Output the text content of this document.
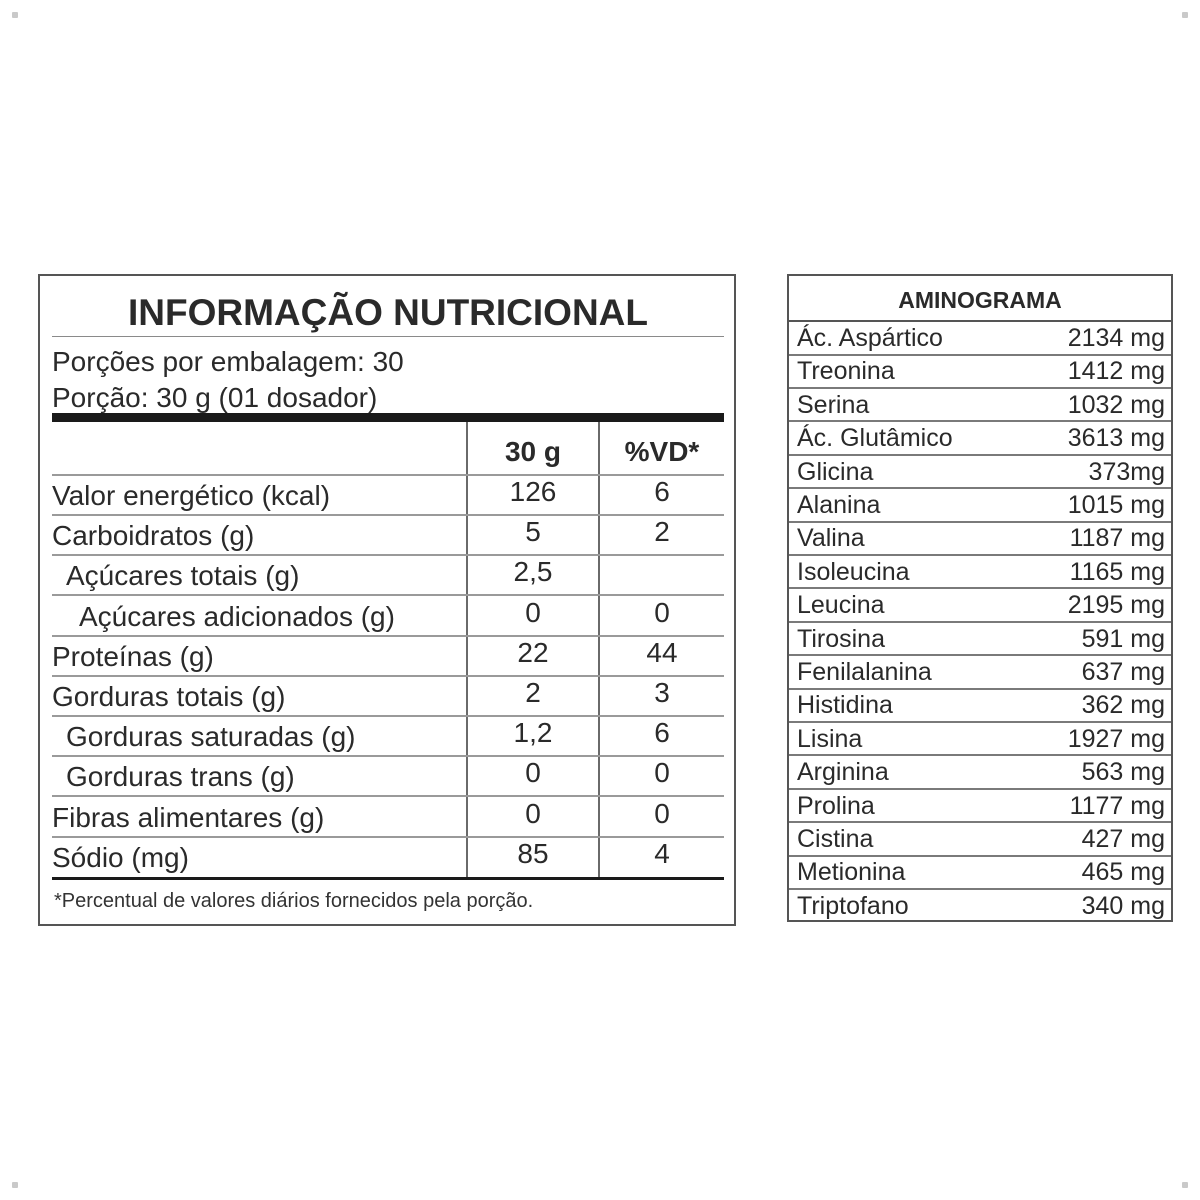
INFORMAÇÃO NUTRICIONAL
Porções por embalagem: 30
Porção: 30 g (01 dosador)
30 g	%VD*
Valor energético (kcal)	126	6
Carboidratos (g)	5	2
Açúcares totais (g)	2,5
Açúcares adicionados (g)	0	0
Proteínas (g)	22	44
Gorduras totais (g)	2	3
Gorduras saturadas (g)	1,2	6
Gorduras trans (g)	0	0
Fibras alimentares (g)	0	0
Sódio (mg)	85	4
*Percentual de valores diários fornecidos pela porção.
AMINOGRAMA
Ác. Aspártico	2134 mg
Treonina	1412 mg
Serina	1032 mg
Ác. Glutâmico	3613 mg
Glicina	373mg
Alanina	1015 mg
Valina	1187 mg
Isoleucina	1165 mg
Leucina	2195 mg
Tirosina	591 mg
Fenilalanina	637 mg
Histidina	362 mg
Lisina	1927 mg
Arginina	563 mg
Prolina	1177 mg
Cistina	427 mg
Metionina	465 mg
Triptofano	340 mg
